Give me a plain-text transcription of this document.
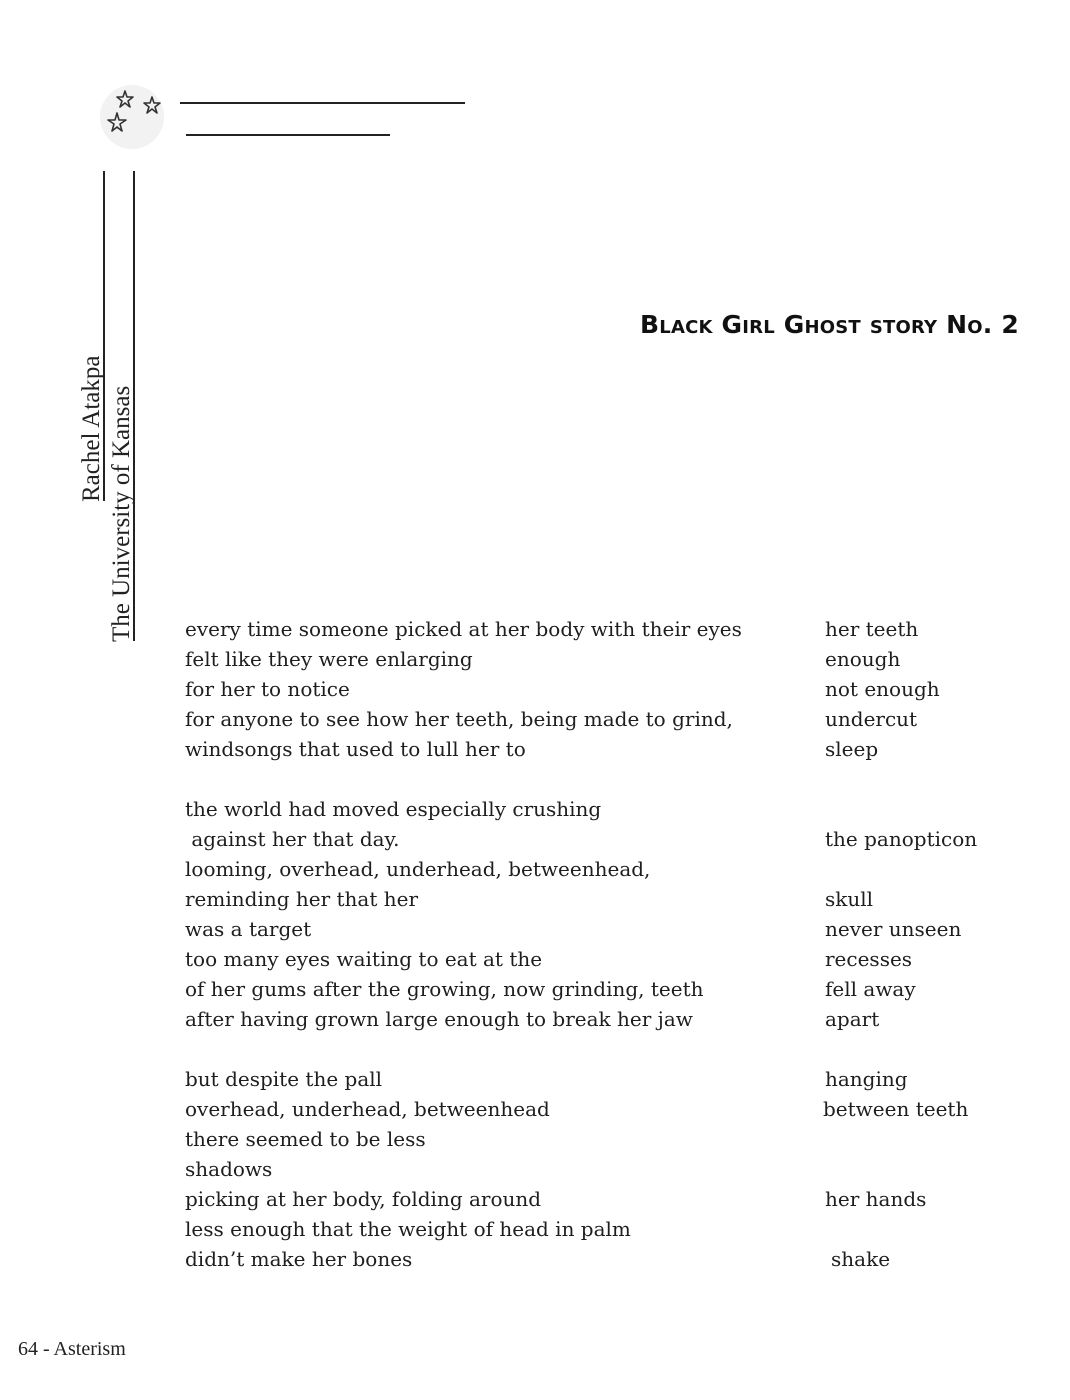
Rachel Atakpa The University of Kansas
Black Girl Ghost story No. 2
every time someone picked at her body with their eyes	her teeth
felt like they were enlarging	enough
for her to notice	not enough
for anyone to see how her teeth, being made to grind,	undercut
windsongs that used to lull her to	sleep
the world had moved especially crushing
against her that day.	the panopticon
looming, overhead, underhead, betweenhead,
reminding her that her	skull
was a target	never unseen
too many eyes waiting to eat at the	recesses
of her gums after the growing, now grinding, teeth	fell away
after having grown large enough to break her jaw	apart
but despite the pall	hanging
overhead, underhead, betweenhead	between teeth
there seemed to be less
shadows
picking at her body, folding around	her hands
less enough that the weight of head in palm
didn’t make her bones	shake
64 - Asterism
